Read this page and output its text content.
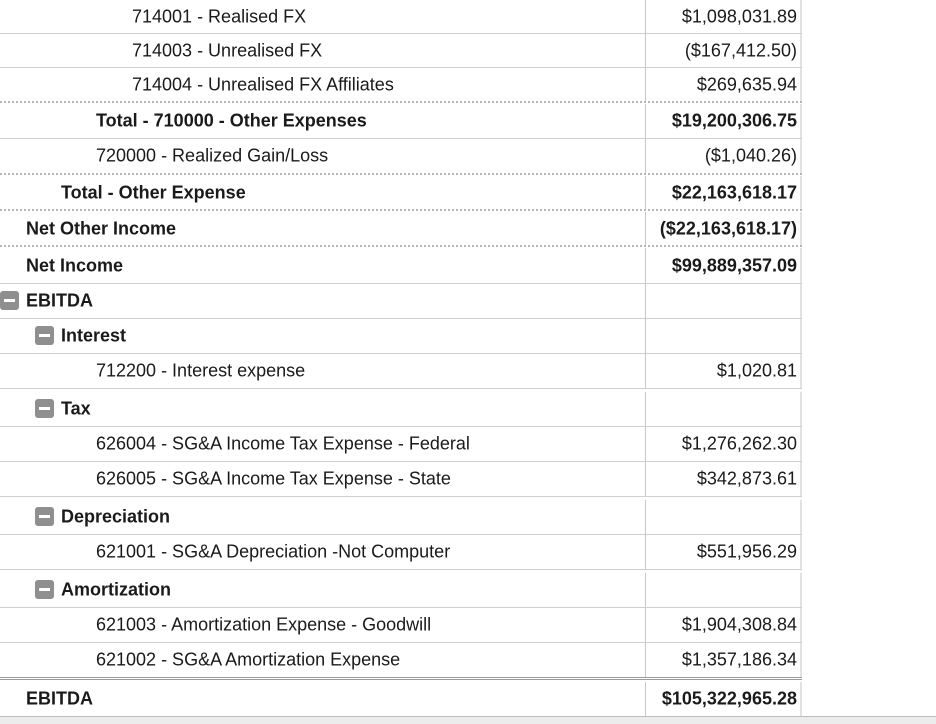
714001 - Realised FX	$1,098,031.89
714003 - Unrealised FX	($167,412.50)
714004 - Unrealised FX Affiliates	$269,635.94
Total - 710000 - Other Expenses	$19,200,306.75
720000 - Realized Gain/Loss	($1,040.26)
Total - Other Expense	$22,163,618.17
Net Other Income	($22,163,618.17)
Net Income	$99,889,357.09
EBITDA
Interest
712200 - Interest expense	$1,020.81
Tax
626004 - SG&A Income Tax Expense - Federal	$1,276,262.30
626005 - SG&A Income Tax Expense - State	$342,873.61
Depreciation
621001 - SG&A Depreciation -Not Computer	$551,956.29
Amortization
621003 - Amortization Expense - Goodwill	$1,904,308.84
621002 - SG&A Amortization Expense	$1,357,186.34
EBITDA	$105,322,965.28
